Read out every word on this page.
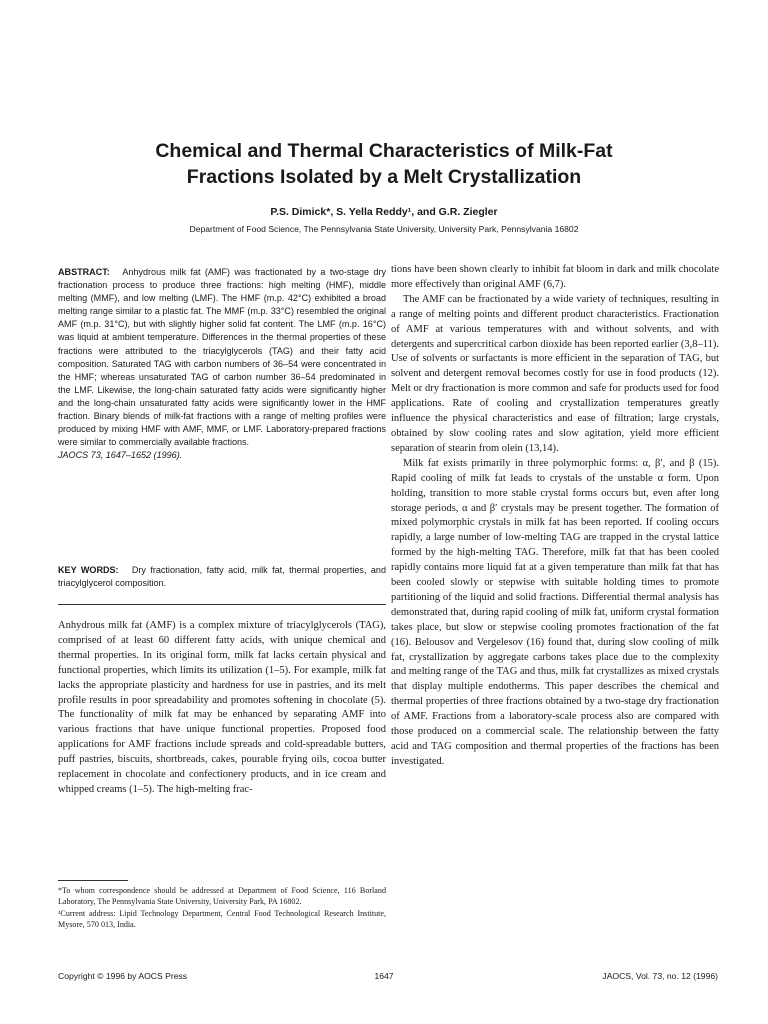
Chemical and Thermal Characteristics of Milk-Fat
Fractions Isolated by a Melt Crystallization
P.S. Dimick*, S. Yella Reddy¹, and G.R. Ziegler
Department of Food Science, The Pennsylvania State University, University Park, Pennsylvania 16802

ABSTRACT: Anhydrous milk fat (AMF) was fractionated by a two-stage dry fractionation process to produce three fractions: high melting (HMF), middle melting (MMF), and low melting (LMF). The HMF (m.p. 42°C) exhibited a broad melting range similar to a plastic fat. The MMF (m.p. 33°C) resembled the original AMF (m.p. 31°C), but with slightly higher solid fat content. The LMF (m.p. 16°C) was liquid at ambient temperature. Differences in the thermal properties of these fractions were attributed to the triacylglycerols (TAG) and their fatty acid composition. Saturated TAG with carbon numbers of 36–54 were concentrated in the HMF; whereas unsaturated TAG of carbon number 36–54 predominated in the LMF. Likewise, the long-chain saturated fatty acids were significantly higher and the long-chain unsaturated fatty acids were significantly lower in the HMF fraction. Binary blends of milk-fat fractions with a range of melting profiles were produced by mixing HMF with AMF, MMF, or LMF. Laboratory-prepared fractions were similar to commercially available fractions.

JAOCS 73, 1647–1652 (1996).

KEY WORDS: Dry fractionation, fatty acid, milk fat, thermal properties, and triacylglycerol composition.

Anhydrous milk fat (AMF) is a complex mixture of triacylglycerols (TAG), comprised of at least 60 different fatty acids, with unique chemical and thermal properties. In its original form, milk fat lacks certain physical and functional properties, which limits its utilization (1–5). For example, milk fat lacks the appropriate plasticity and hardness for use in pastries, and its melt profile results in poor spreadability and promotes softening in chocolate (5). The functionality of milk fat may be enhanced by separating AMF into various fractions that have unique functional properties. Proposed food applications for AMF fractions include spreads and cold-spreadable butters, puff pastries, biscuits, shortbreads, cakes, pourable frying oils, cocoa butter replacement in chocolate and confectionery products, and in ice cream and whipped creams (1–5). The high-melting frac-

*To whom correspondence should be addressed at Department of Food Science, 116 Borland Laboratory, The Pennsylvania State University, University Park, PA 16802.

¹Current address: Lipid Technology Department, Central Food Technological Research Institute, Mysore, 570 013, India.

tions have been shown clearly to inhibit fat bloom in dark and milk chocolate more effectively than original AMF (6,7).

The AMF can be fractionated by a wide variety of techniques, resulting in a range of melting points and different product characteristics. Fractionation of AMF at various temperatures with and without solvents, and with detergents and supercritical carbon dioxide has been reported earlier (3,8–11). Use of solvents or surfactants is more efficient in the separation of TAG, but solvent and detergent removal becomes costly for use in food products (12). Melt or dry fractionation is more common and safe for products used for food applications. Rate of cooling and crystallization temperatures greatly influence the physical characteristics and ease of filtration; large crystals, obtained by slow cooling rates and slow agitation, yield more efficient separation of stearin from olein (13,14).

Milk fat exists primarily in three polymorphic forms: α, β′, and β (15). Rapid cooling of milk fat leads to crystals of the unstable α form. Upon holding, transition to more stable crystal forms occurs but, even after long storage periods, α and β′ crystals may be present together. The formation of mixed polymorphic crystals in milk fat has been reported. If cooling occurs rapidly, a large number of low-melting TAG are trapped in the crystal lattice formed by the high-melting TAG. Therefore, milk fat that has been cooled rapidly contains more liquid fat at a given temperature than milk fat that has been cooled slowly or stepwise with suitable holding times to promote partitioning of the liquid and solid fractions. Differential thermal analysis has demonstrated that, during rapid cooling of milk fat, uniform crystal formation takes place, but slow or stepwise cooling promotes fractionation of the fat (16). Belousov and Vergelesov (16) found that, during slow cooling of milk fat, crystallization by aggregate carbons takes place due to the complexity and melting range of the TAG and thus, milk fat crystallizes as mixed crystals that display multiple endotherms. This paper describes the chemical and thermal properties of three fractions obtained by a two-stage dry fractionation of AMF. Fractions from a laboratory-scale process also are compared with those produced on a commercial scale. The relationship between the fatty acid and TAG composition and thermal properties of the fractions has been investigated.

Copyright © 1996 by AOCS Press	1647	JAOCS, Vol. 73, no. 12 (1996)
